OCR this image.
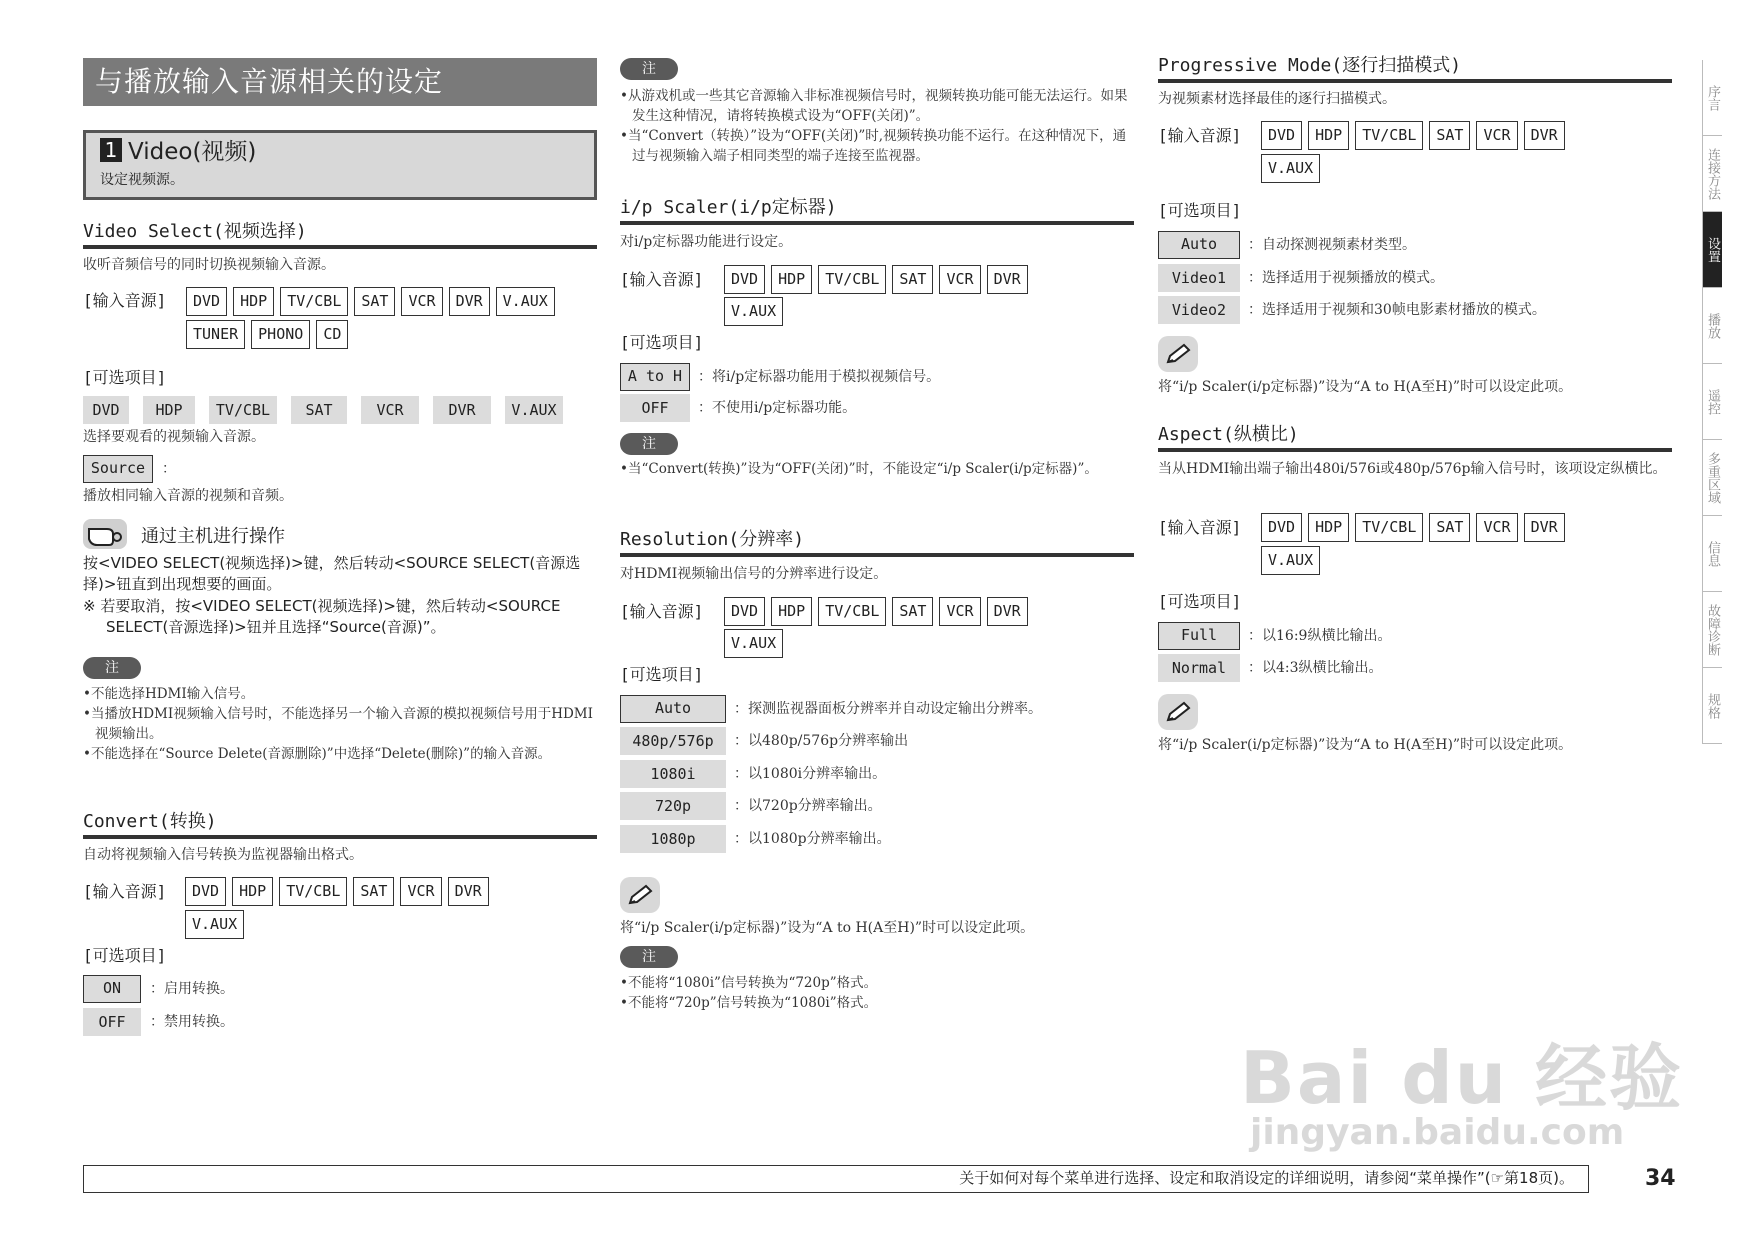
与播放输入音源相关的设定
1 Video(视频)
设定视频源。
Video Select(视频选择)
收听音频信号的同时切换视频输入音源。
[输入音源]	DVD	HDP	TV/CBL	SAT	VCR	DVR	V.AUX
TUNER	PHONO	CD
[可选项目]
DVD	HDP	TV/CBL	SAT	VCR	DVR	V.AUX
选择要观看的视频输入音源。
Source	：
播放相同输入音源的视频和音频。
通过主机进行操作
按<VIDEO SELECT(视频选择)>键，然后转动<SOURCE SELECT(音源选择)>钮直到出现想要的画面。
※ 若要取消，按<VIDEO SELECT(视频选择)>键，然后转动<SOURCE SELECT(音源选择)>钮并且选择“Source(音源)”。
注
•不能选择HDMI输入信号。
•当播放HDMI视频输入信号时，不能选择另一个输入音源的模拟视频信号用于HDMI视频输出。
•不能选择在“Source Delete(音源删除)”中选择“Delete(删除)”的输入音源。
Convert(转换)
自动将视频输入信号转换为监视器输出格式。
[输入音源]	DVD	HDP	TV/CBL	SAT	VCR	DVR
V.AUX
[可选项目]
ON	：启用转换。
OFF	：禁用转换。
注
•从游戏机或一些其它音源输入非标准视频信号时，视频转换功能可能无法运行。如果发生这种情况，请将转换模式设为“OFF(关闭)”。
•当“Convert（转换）”设为“OFF(关闭)”时,视频转换功能不运行。在这种情况下，通过与视频输入端子相同类型的端子连接至监视器。
i/p Scaler(i/p定标器)
对i/p定标器功能进行设定。
[输入音源]	DVD	HDP	TV/CBL	SAT	VCR	DVR
V.AUX
[可选项目]
A to H	：将i/p定标器功能用于模拟视频信号。
OFF	：不使用i/p定标器功能。
注
•当“Convert(转换)”设为“OFF(关闭)”时，不能设定“i/p Scaler(i/p定标器)”。
Resolution(分辨率)
对HDMI视频输出信号的分辨率进行设定。
[输入音源]	DVD	HDP	TV/CBL	SAT	VCR	DVR
V.AUX
[可选项目]
Auto	：探测监视器面板分辨率并自动设定输出分辨率。
480p/576p	：以480p/576p分辨率输出
1080i	：以1080i分辨率输出。
720p	：以720p分辨率输出。
1080p	：以1080p分辨率输出。
将“i/p Scaler(i/p定标器)”设为“A to H(A至H)”时可以设定此项。
注
•不能将“1080i”信号转换为“720p”格式。
•不能将“720p”信号转换为“1080i”格式。
Progressive Mode(逐行扫描模式)
为视频素材选择最佳的逐行扫描模式。
[输入音源]	DVD	HDP	TV/CBL	SAT	VCR	DVR
V.AUX
[可选项目]
Auto	：自动探测视频素材类型。
Video1	：选择适用于视频播放的模式。
Video2	：选择适用于视频和30帧电影素材播放的模式。
将“i/p Scaler(i/p定标器)”设为“A to H(A至H)”时可以设定此项。
Aspect(纵横比)
当从HDMI输出端子输出480i/576i或480p/576p输入信号时，该项设定纵横比。
[输入音源]	DVD	HDP	TV/CBL	SAT	VCR	DVR
V.AUX
[可选项目]
Full	：以16:9纵横比输出。
Normal	：以4:3纵横比输出。
将“i/p Scaler(i/p定标器)”设为“A to H(A至H)”时可以设定此项。
序言
连接方法
设置
播放
遥控
多重区域
信息
故障诊断
规格
Bai du 经验
jingyan.baidu.com
关于如何对每个菜单进行选择、设定和取消设定的详细说明，请参阅“菜单操作”(☞第18页)。	34
